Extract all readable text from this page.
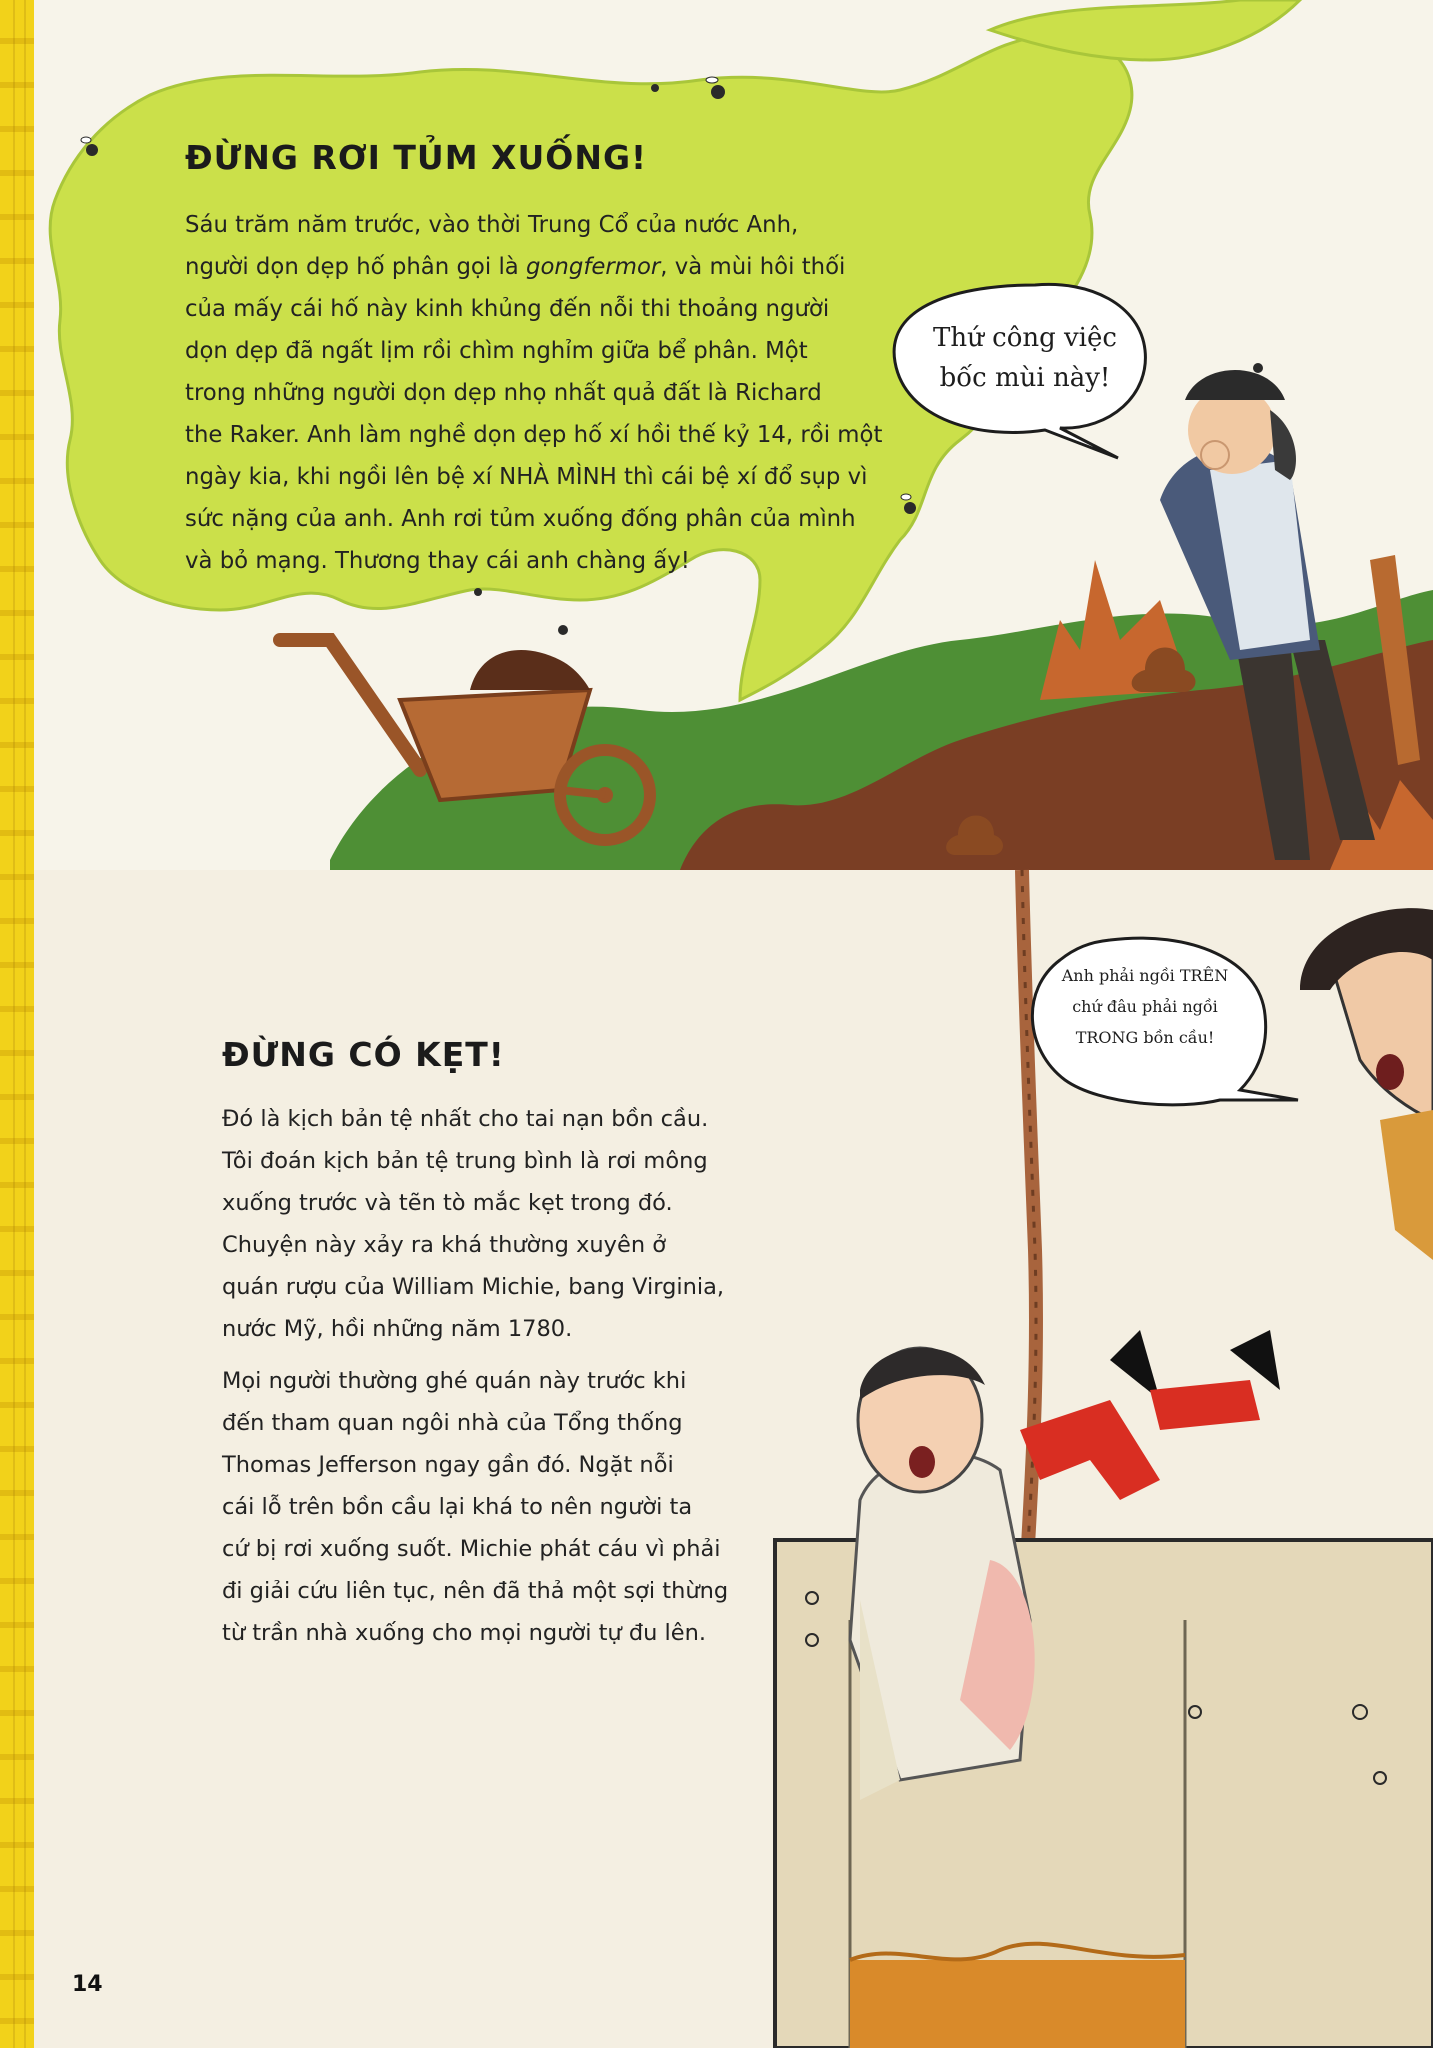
ĐỪNG RƠI TỦM XUỐNG!
Sáu trăm năm trước, vào thời Trung Cổ của nước Anh,
người dọn dẹp hố phân gọi là gongfermor, và mùi hôi thối
của mấy cái hố này kinh khủng đến nỗi thi thoảng người
dọn dẹp đã ngất lịm rồi chìm nghỉm giữa bể phân. Một
trong những người dọn dẹp nhọ nhất quả đất là Richard
the Raker. Anh làm nghề dọn dẹp hố xí hồi thế kỷ 14, rồi một
ngày kia, khi ngồi lên bệ xí NHÀ MÌNH thì cái bệ xí đổ sụp vì
sức nặng của anh. Anh rơi tủm xuống đống phân của mình
và bỏ mạng. Thương thay cái anh chàng ấy!
Thứ công việc
bốc mùi này!
Anh phải ngồi TRÊN
chứ đâu phải ngồi
TRONG bồn cầu!
ĐỪNG CÓ KẸT!
Đó là kịch bản tệ nhất cho tai nạn bồn cầu.
Tôi đoán kịch bản tệ trung bình là rơi mông
xuống trước và tẽn tò mắc kẹt trong đó.
Chuyện này xảy ra khá thường xuyên ở
quán rượu của William Michie, bang Virginia,
nước Mỹ, hồi những năm 1780.
Mọi người thường ghé quán này trước khi
đến tham quan ngôi nhà của Tổng thống
Thomas Jefferson ngay gần đó. Ngặt nỗi
cái lỗ trên bồn cầu lại khá to nên người ta
cứ bị rơi xuống suốt. Michie phát cáu vì phải
đi giải cứu liên tục, nên đã thả một sợi thừng
từ trần nhà xuống cho mọi người tự đu lên.

14
